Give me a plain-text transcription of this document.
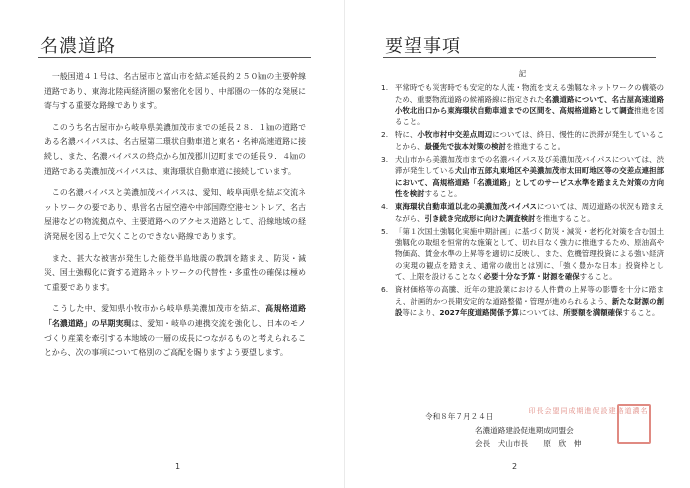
名濃道路

一般国道４１号は、名古屋市と富山市を結ぶ延長約２５０㎞の主要幹線道路であり、東海北陸両経済圏の緊密化を図り、中部圏の一体的な発展に寄与する重要な路線であります。

このうち名古屋市から岐阜県美濃加茂市までの延長２８．１㎞の道路である名濃バイパスは、名古屋第二環状自動車道と東名・名神高速道路に接続し、また、名濃バイパスの終点から加茂郡川辺町までの延長９．４㎞の道路である美濃加茂バイパスは、東海環状自動車道に接続しています。

この名濃バイパスと美濃加茂バイパスは、愛知、岐阜両県を結ぶ交流ネットワークの要であり、県営名古屋空港や中部国際空港セントレア、名古屋港などの物流拠点や、主要道路へのアクセス道路として、沿線地域の経済発展を図る上で欠くことのできない路線であります。

また、甚大な被害が発生した能登半島地震の教訓を踏まえ、防災・減災、国土強靱化に資する道路ネットワークの代替性・多重性の確保は極めて重要であります。

こうした中、愛知県小牧市から岐阜県美濃加茂市を結ぶ、高規格道路「名濃道路」の早期実現は、愛知・岐阜の連携交流を強化し、日本のモノづくり産業を牽引する本地域の一層の成長につながるものと考えられることから、次の事項について格別のご高配を賜りますよう要望します。

1
要望事項
記
1. 平常時でも災害時でも安定的な人流・物流を支える強靱なネットワークの構築のため、重要物流道路の候補路線に指定された名濃道路について、名古屋高速道路小牧北出口から東海環状自動車道までの区間を、高規格道路として調査推進を図ること。
2. 特に、小牧市村中交差点周辺については、終日、慢性的に渋滞が発生していることから、最優先で抜本対策の検討を推進すること。
3. 犬山市から美濃加茂市までの名濃バイパス及び美濃加茂バイパスについては、渋滞が発生している犬山市五郎丸東地区や美濃加茂市太田町地区等の交差点連担部において、高規格道路「名濃道路」としてのサービス水準を踏まえた対策の方向性を検討すること。
4. 東海環状自動車道以北の美濃加茂バイパスについては、周辺道路の状況も踏まえながら、引き続き完成形に向けた調査検討を推進すること。
5. 「第１次国土強靱化実施中期計画」に基づく防災・減災・老朽化対策を含む国土強靱化の取組を恒常的な施策として、切れ目なく強力に推進するため、原油高や物価高、賃金水準の上昇等を適切に反映し、また、危機管理投資による強い経済の実現の観点を踏まえ、通常の歳出とは別に、「強く豊かな日本」投資枠として、上限を設けることなく必要十分な予算・財源を確保すること。
6. 資材価格等の高騰、近年の建設業における人件費の上昇等の影響を十分に踏まえ、計画的かつ長期安定的な道路整備・管理が進められるよう、新たな財源の創設等により、2027年度道路関係予算については、所要額を満額確保すること。
令和８年７月２４日
名濃道路建設促進期成同盟会
会長　犬山市長　　原　欣　伸
名濃道路建設促進期成同盟会長印
2
